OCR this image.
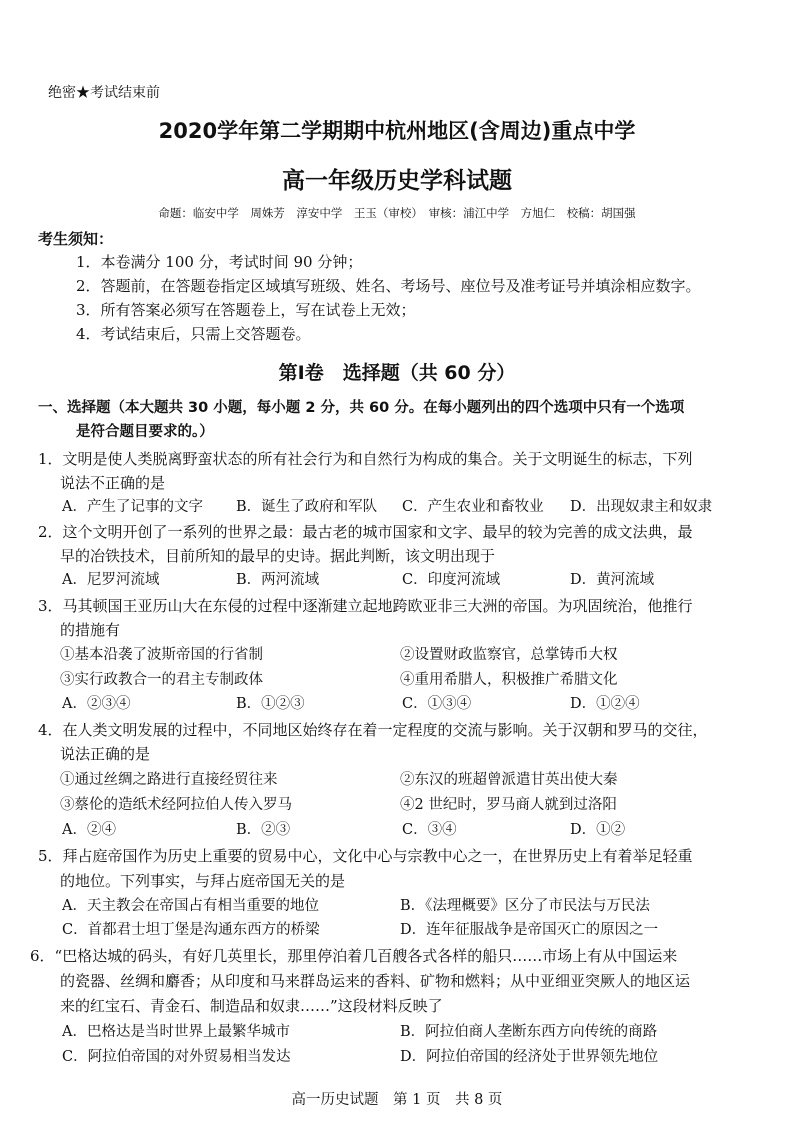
绝密★考试结束前
2020学年第二学期期中杭州地区(含周边)重点中学
高一年级历史学科试题
命题：临安中学　周姝芳　淳安中学　王玉（审校）　审核：浦江中学　方旭仁　校稿：胡国强
考生须知：
1．本卷满分 100 分，考试时间 90 分钟；
2．答题前，在答题卷指定区域填写班级、姓名、考场号、座位号及准考证号并填涂相应数字。
3．所有答案必须写在答题卷上，写在试卷上无效；
4．考试结束后，只需上交答题卷。
第Ⅰ卷　选择题（共 60 分）
一、选择题（本大题共 30 小题，每小题 2 分，共 60 分。在每小题列出的四个选项中只有一个选项
是符合题目要求的。）
1．文明是使人类脱离野蛮状态的所有社会行为和自然行为构成的集合。关于文明诞生的标志，下列
说法不正确的是
A．产生了记事的文字 B．诞生了政府和军队 C．产生农业和畜牧业 D．出现奴隶主和奴隶
2．这个文明开创了一系列的世界之最：最古老的城市国家和文字、最早的较为完善的成文法典，最
早的冶铁技术，目前所知的最早的史诗。据此判断，该文明出现于
A．尼罗河流域	B．两河流域	C．印度河流域	D．黄河流域
3．马其顿国王亚历山大在东侵的过程中逐渐建立起地跨欧亚非三大洲的帝国。为巩固统治，他推行
的措施有
①基本沿袭了波斯帝国的行省制	②设置财政监察官，总掌铸币大权
③实行政教合一的君主专制政体	④重用希腊人，积极推广希腊文化
A．②③④	B．①②③	C．①③④	D．①②④
4．在人类文明发展的过程中，不同地区始终存在着一定程度的交流与影响。关于汉朝和罗马的交往，
说法正确的是
①通过丝绸之路进行直接经贸往来	②东汉的班超曾派遣甘英出使大秦
③蔡伦的造纸术经阿拉伯人传入罗马	④2 世纪时，罗马商人就到过洛阳
A．②④	B．②③	C．③④	D．①②
5．拜占庭帝国作为历史上重要的贸易中心，文化中心与宗教中心之一，在世界历史上有着举足轻重
的地位。下列事实，与拜占庭帝国无关的是
A．天主教会在帝国占有相当重要的地位	B．《法理概要》区分了市民法与万民法
C．首都君士坦丁堡是沟通东西方的桥梁	D．连年征服战争是帝国灭亡的原因之一
6．“巴格达城的码头，有好几英里长，那里停泊着几百艘各式各样的船只……市场上有从中国运来
的瓷器、丝绸和麝香；从印度和马来群岛运来的香料、矿物和燃料；从中亚细亚突厥人的地区运
来的红宝石、青金石、制造品和奴隶……”这段材料反映了
A．巴格达是当时世界上最繁华城市	B．阿拉伯商人垄断东西方向传统的商路
C．阿拉伯帝国的对外贸易相当发达	D．阿拉伯帝国的经济处于世界领先地位
高一历史试题　第 1 页　共 8 页
